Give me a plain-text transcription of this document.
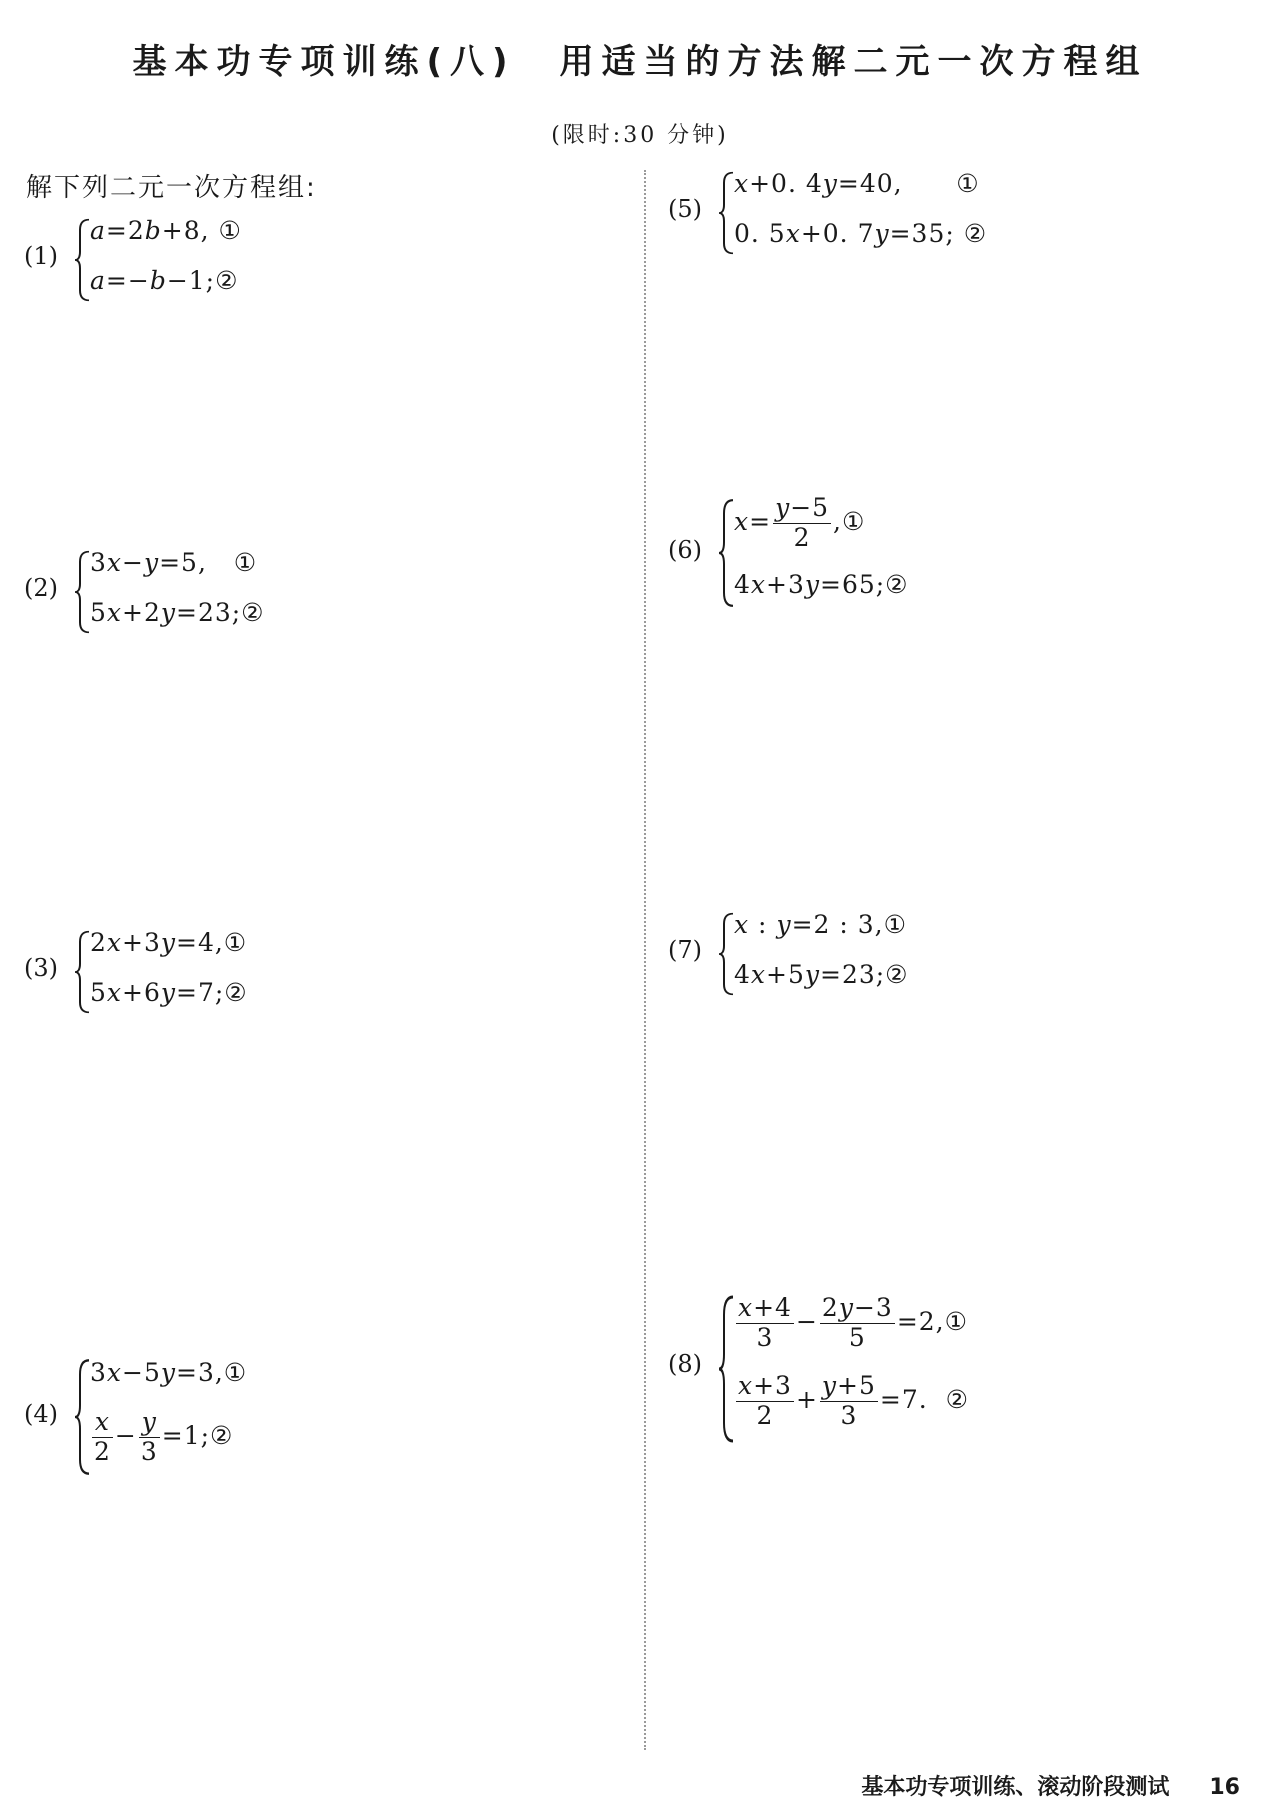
基本功专项训练(八) 用适当的方法解二元一次方程组
(限时:30 分钟)
解下列二元一次方程组:
(1)
a=2b+8, ①
a=−b−1;②
(2)
3x−y=5,   ①
5x+2y=23;②
(3)
2x+3y=4,①
5x+6y=7;②
(4)
3x−5y=3,①
$\frac{x}{2} - \frac{y}{3}$ =1;②
(5)
x+0. 4y=40,      ①
0. 5x+0. 7y=35; ②
(6)
$x= \frac{y-5}{2}$ ,①
4x+3y=65;②
(7)
x : y=2 : 3,①
4x+5y=23;②
(8)
$\frac{x+4}{3} - \frac{2y-3}{5}$ =2,①
$\frac{x+3}{2} + \frac{y+5}{3} =7$.  ②
基本功专项训练、滚动阶段测试 16
